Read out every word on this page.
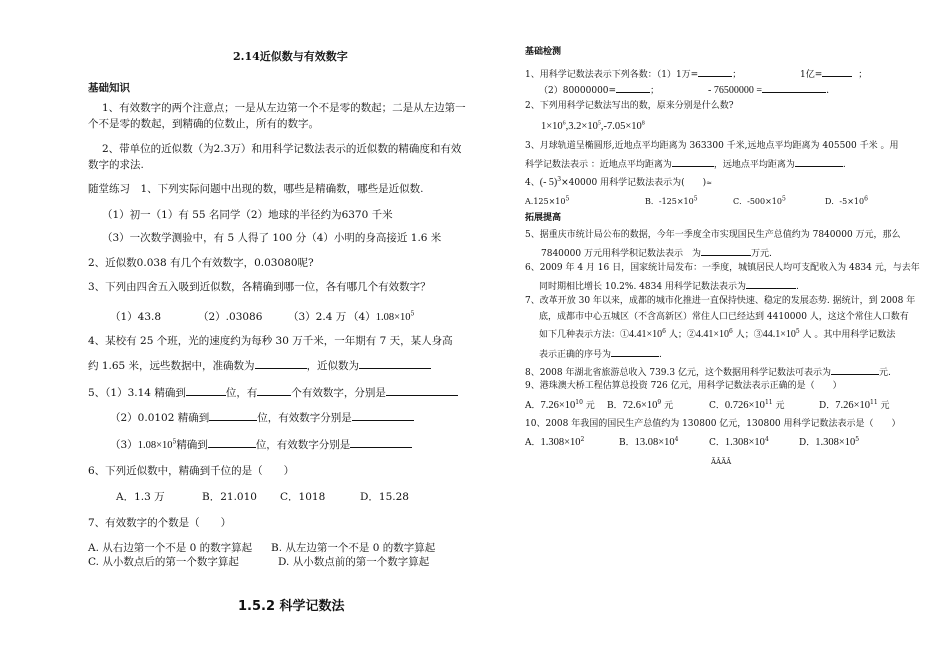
2.14近似数与有效数字
基础知识
1、有效数字的两个注意点；一是从左边第一个不是零的数起；二是从左边第一
个不是零的数起，到精确的位数止，所有的数字。
2、带单位的近似数（为2.3万）和用科学记数法表示的近似数的精确度和有效
数字的求法.
随堂练习　1、下列实际问题中出现的数，哪些是精确数，哪些是近似数.
（1）初一（1）有 55 名同学（2）地球的半径约为6370 千米
（3）一次数学测验中，有 5 人得了 100 分（4）小明的身高接近 1.6 米
2、近似数0.038 有几个有效数字，0.03080呢?
3、下列由四舍五入吸到近似数，各精确到哪一位，各有哪几个有效数字？
（1）43.8	（2）.03086 （3）2.4 万 $(4)1.08\times 10^5$
4、某校有 25 个班，光的速度约为每秒 30 万千米，一年期有 7 天，某人身高
约 1.65 米，远些数据中，准确数为	，近似数为
5、（1）3.14 精确到	位，有	个有效数字，分别是
（2）0.0102 精确到	位，有效数字分别是
$(3)1.08\times 10^5$精确到	位，有效数字分别是
6、下列近似数中，精确到千位的是（　　）
A．1.3 万	B．21.010 C．1018	D．15.28
7、有效数字的个数是（　　）
A. 从右边第一个不是 0 的数字算起 B. 从左边第一个不是 0 的数字算起
C. 从小数点后的第一个数字算起	D. 从小数点前的第一个数字算起
1.5.2 科学记数法
基础检测
1、用科学记数法表示下列各数：（1）1万=	；	1亿=	；
（2）80000000=	；	- 76500000 =	.
2、下列用科学记数法写出的数，原来分别是什么数?
$1\times 10^6,3.2\times 10^5,-7.05\times 10^8$
3、月球轨道呈椭圆形,近地点平均距离为 363300 千米,远地点平均距离为 405500 千米 。用
科学记数法表示 ：近地点平均距离为	，远地点平均距离为	.
4、(- 5)$^3$×40000 用科学记数法表示为(　　)≈
$A.125\times 10^5$	B．$-125\times 10^5$	C．$-500\times 10^5$	D．$-5\times 10^6$
拓展提高
5、据重庆市统计局公布的数据，今年一季度全市实现国民生产总值约为 7840000 万元，那么
7840000 万元用科学积记数法表示　为	万元.
6、2009 年 4 月 16 日，国家统计局发布：一季度，城镇居民人均可支配收入为 4834 元，与去年
同时期相比增长 10.2%. 4834 用科学记数法表示为	.
7、改革开放 30 年以来，成都的城市化推进一直保持快速、稳定的发展态势. 据统计，到 2008 年
底，成都市中心五城区（不含高新区）常住人口已经达到 4410000 人，这这个常住人口数有
如下几种表示方法：$①4.41\times 10^6$ 人；$②4.41\times 10^6$ 人；$③44.1\times 10^5$ 人 。其中用科学记数法
表示正确的序号为	.
8、2008 年湖北省旅游总收入 739.3 亿元，这个数据用科学记数法可表示为	元.
9、港珠澳大桥工程估算总投资 726 亿元，用科学记数法表示正确的是（　　）
A．$7.26\times 10^{10}$ 元 B．$72.6\times 10^9$ 元	C．$0.726\times 10^{11}$ 元	D．$7.26\times 10^{11}$ 元
10、2008 年我国的国民生产总值约为 130800 亿元，130800 用科学记数法表示是（　　）
A．$1.308\times 10^2$	B．$13.08\times 10^4$	C．$1.308\times 10^4$	D．$1.308\times 10^5$
ÃÂÃÂ
